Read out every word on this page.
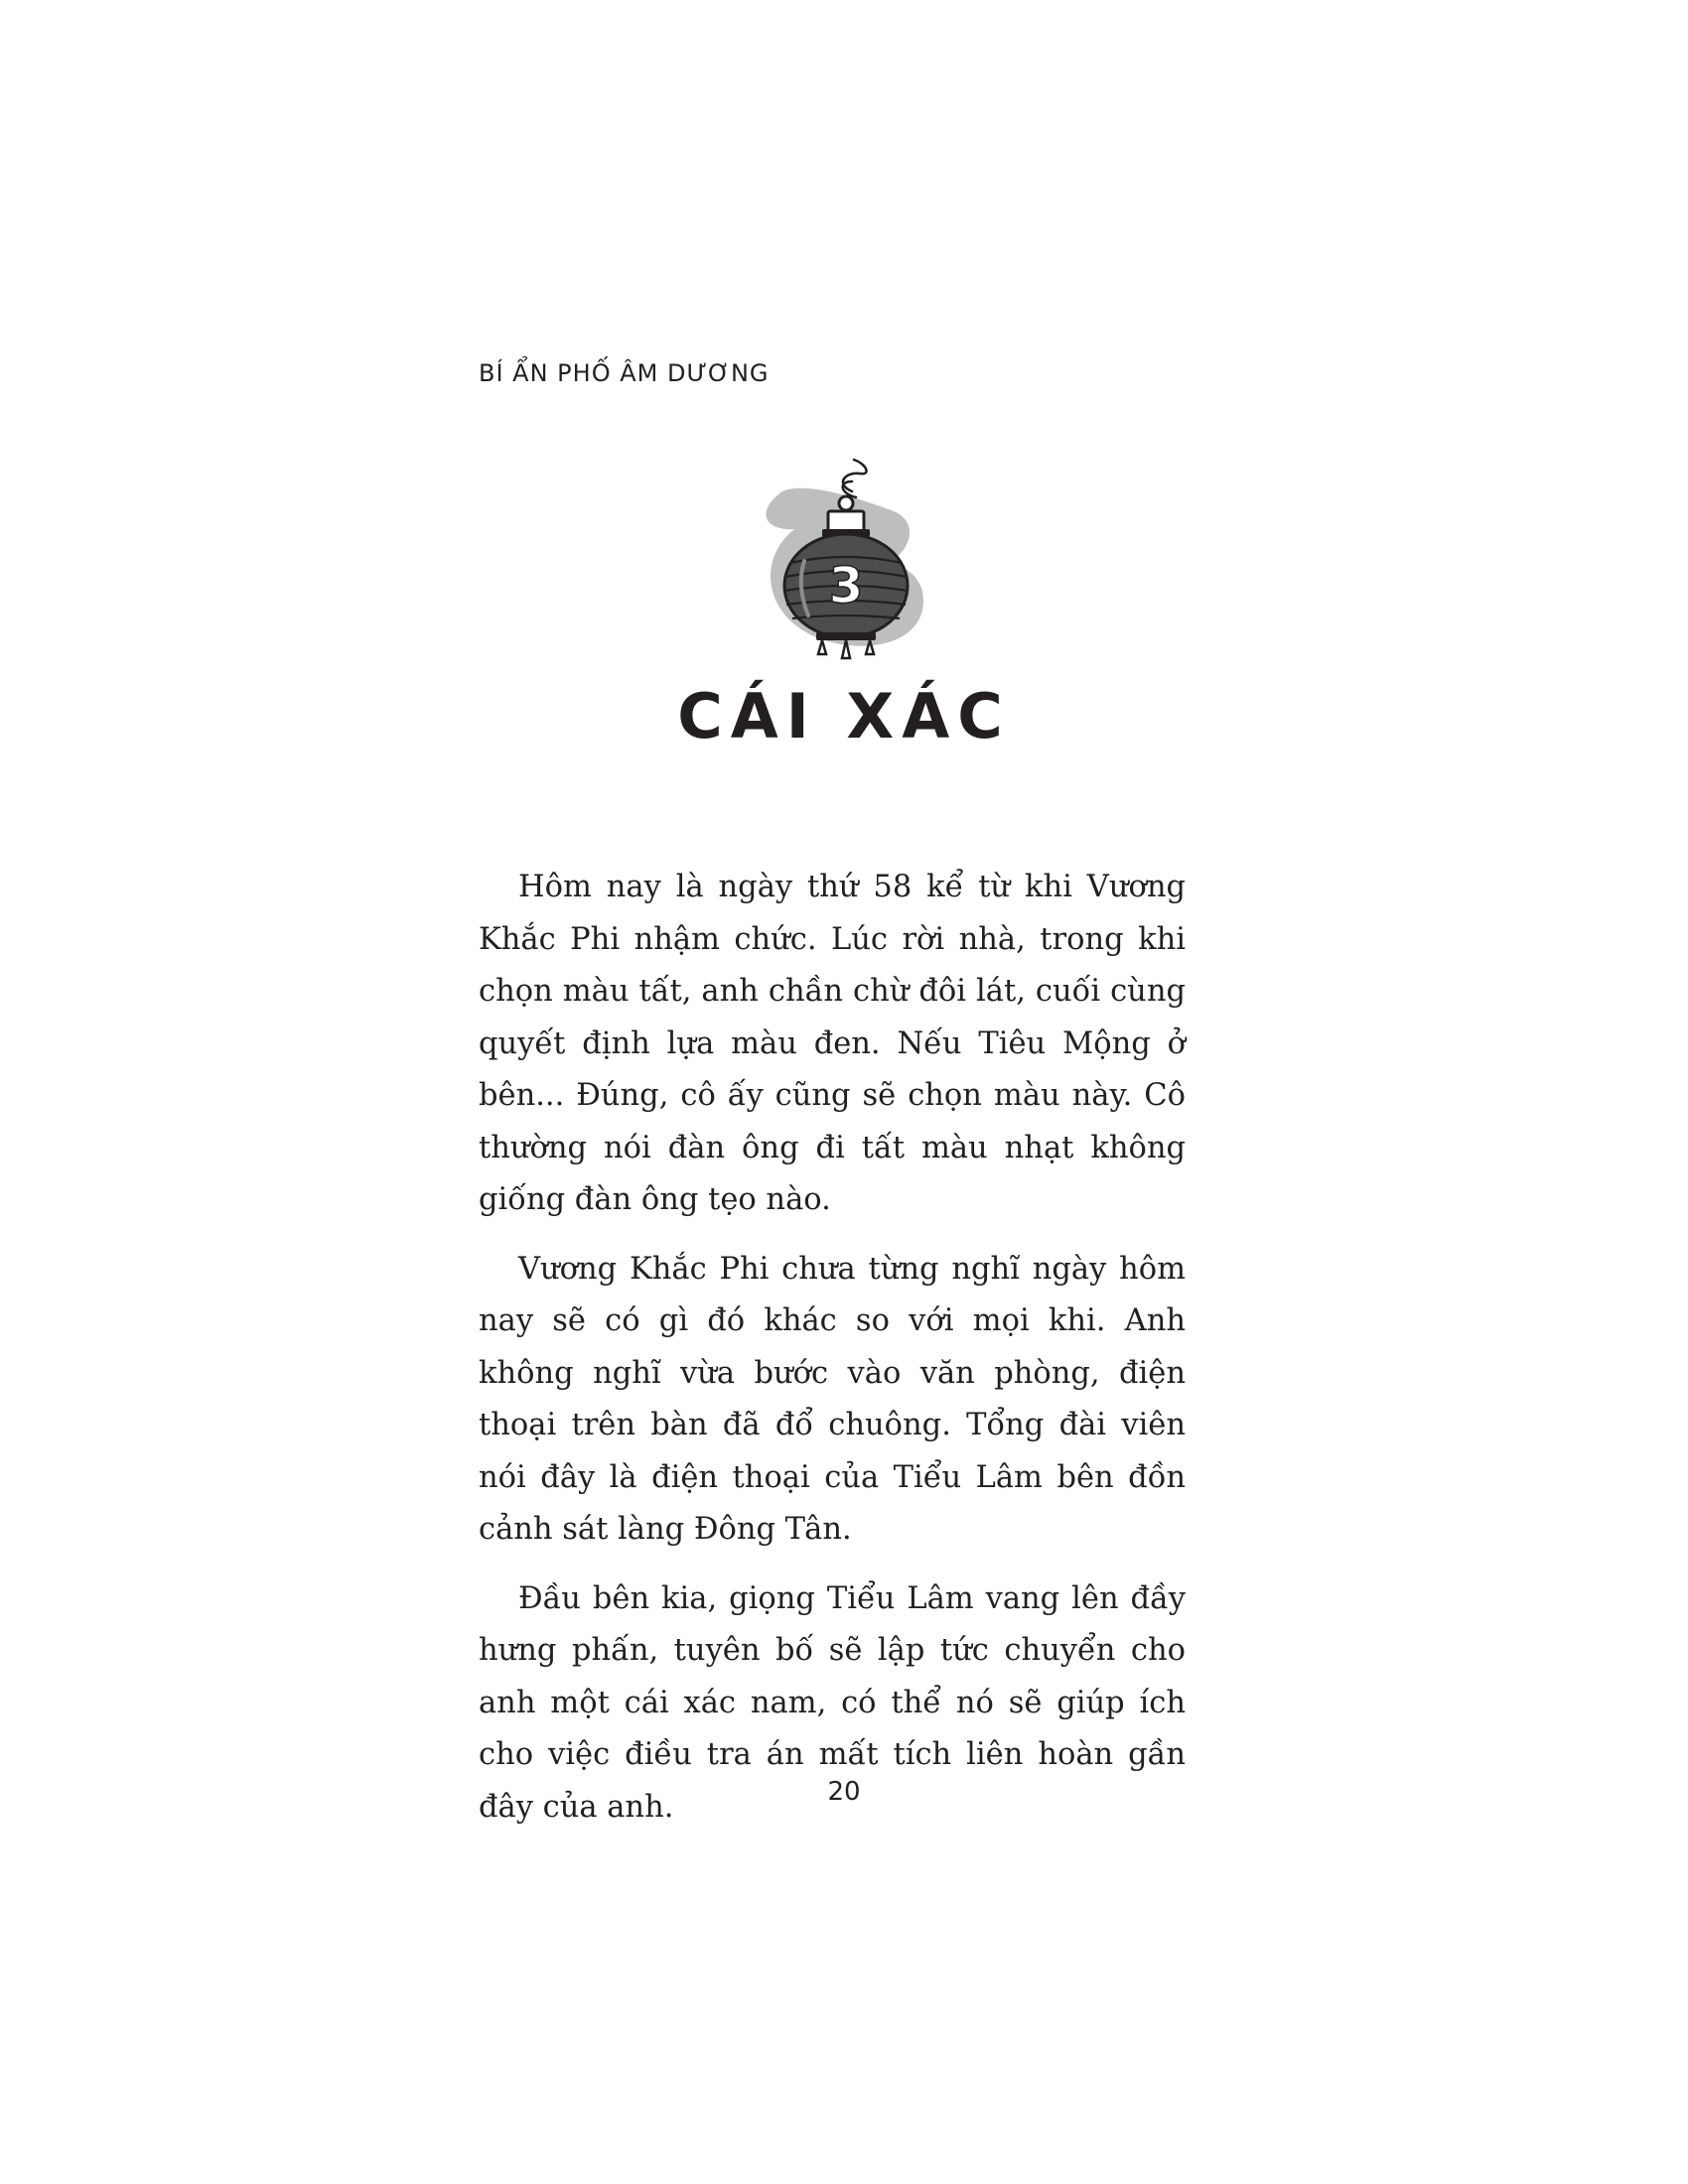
BÍ ẨN PHỐ ÂM DƯƠNG
3
CÁI XÁC

Hôm nay là ngày thứ 58 kể từ khi Vương Khắc Phi nhậm chức. Lúc rời nhà, trong khi chọn màu tất, anh chần chừ đôi lát, cuối cùng quyết định lựa màu đen. Nếu Tiêu Mộng ở bên... Đúng, cô ấy cũng sẽ chọn màu này. Cô thường nói đàn ông đi tất màu nhạt không giống đàn ông tẹo nào.

Vương Khắc Phi chưa từng nghĩ ngày hôm nay sẽ có gì đó khác so với mọi khi. Anh không nghĩ vừa bước vào văn phòng, điện thoại trên bàn đã đổ chuông. Tổng đài viên nói đây là điện thoại của Tiểu Lâm bên đồn cảnh sát làng Đông Tân.

Đầu bên kia, giọng Tiểu Lâm vang lên đầy hưng phấn, tuyên bố sẽ lập tức chuyển cho anh một cái xác nam, có thể nó sẽ giúp ích cho việc điều tra án mất tích liên hoàn gần đây của anh.	20
